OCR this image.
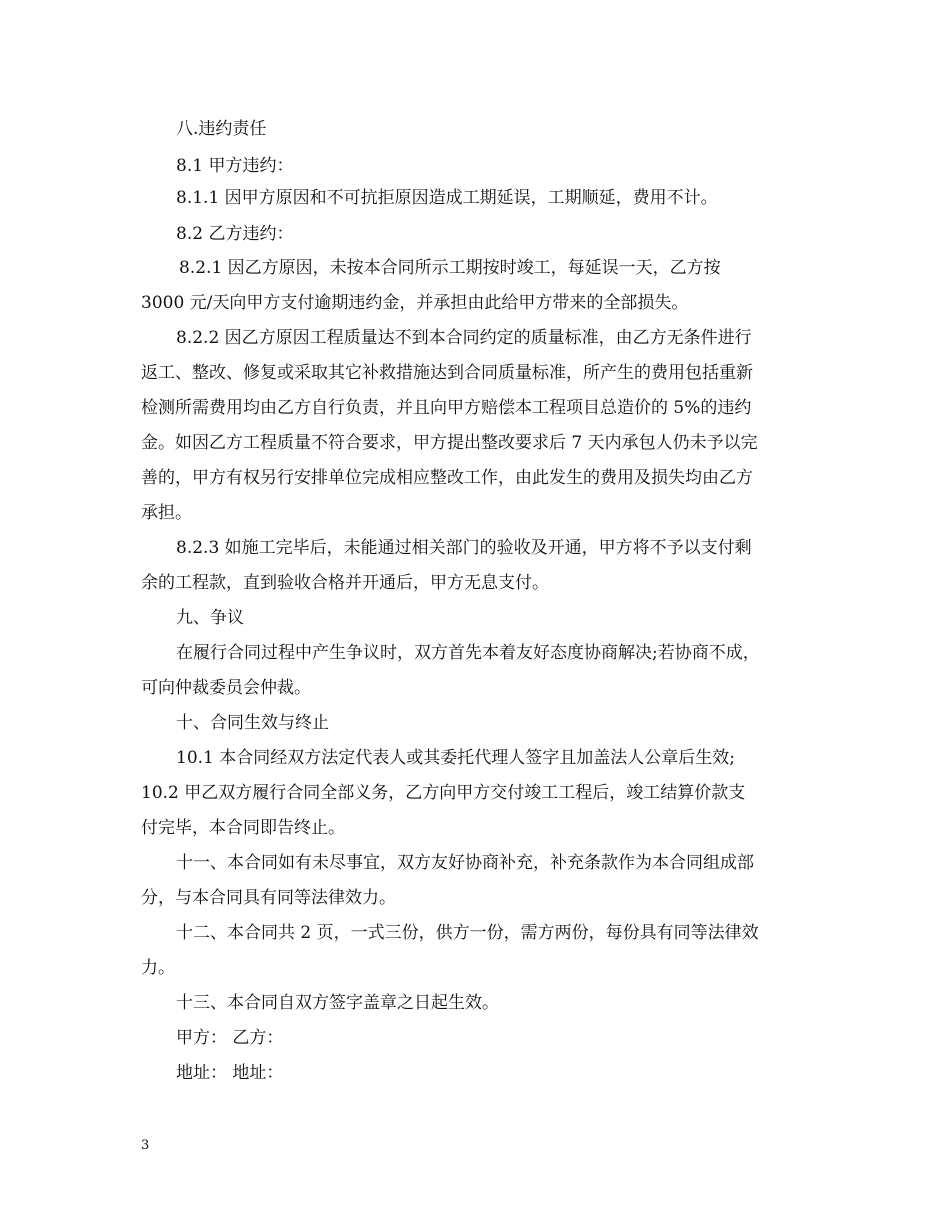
八.违约责任
8.1 甲方违约：
8.1.1 因甲方原因和不可抗拒原因造成工期延误，工期顺延，费用不计。
8.2 乙方违约：
8.2.1 因乙方原因，未按本合同所示工期按时竣工，每延误一天，乙方按
3000 元/天向甲方支付逾期违约金，并承担由此给甲方带来的全部损失。
8.2.2 因乙方原因工程质量达不到本合同约定的质量标准，由乙方无条件进行
返工、整改、修复或采取其它补救措施达到合同质量标准，所产生的费用包括重新
检测所需费用均由乙方自行负责，并且向甲方赔偿本工程项目总造价的 5%的违约
金。如因乙方工程质量不符合要求，甲方提出整改要求后 7 天内承包人仍未予以完
善的，甲方有权另行安排单位完成相应整改工作，由此发生的费用及损失均由乙方
承担。
8.2.3 如施工完毕后，未能通过相关部门的验收及开通，甲方将不予以支付剩
余的工程款，直到验收合格并开通后，甲方无息支付。
九、争议
在履行合同过程中产生争议时，双方首先本着友好态度协商解决;若协商不成，
可向仲裁委员会仲裁。
十、合同生效与终止
10.1 本合同经双方法定代表人或其委托代理人签字且加盖法人公章后生效;
10.2 甲乙双方履行合同全部义务，乙方向甲方交付竣工工程后，竣工结算价款支
付完毕，本合同即告终止。
十一、本合同如有未尽事宜，双方友好协商补充，补充条款作为本合同组成部
分，与本合同具有同等法律效力。
十二、本合同共 2 页，一式三份，供方一份，需方两份，每份具有同等法律效
力。
十三、本合同自双方签字盖章之日起生效。
甲方： 乙方：
地址： 地址：
3
